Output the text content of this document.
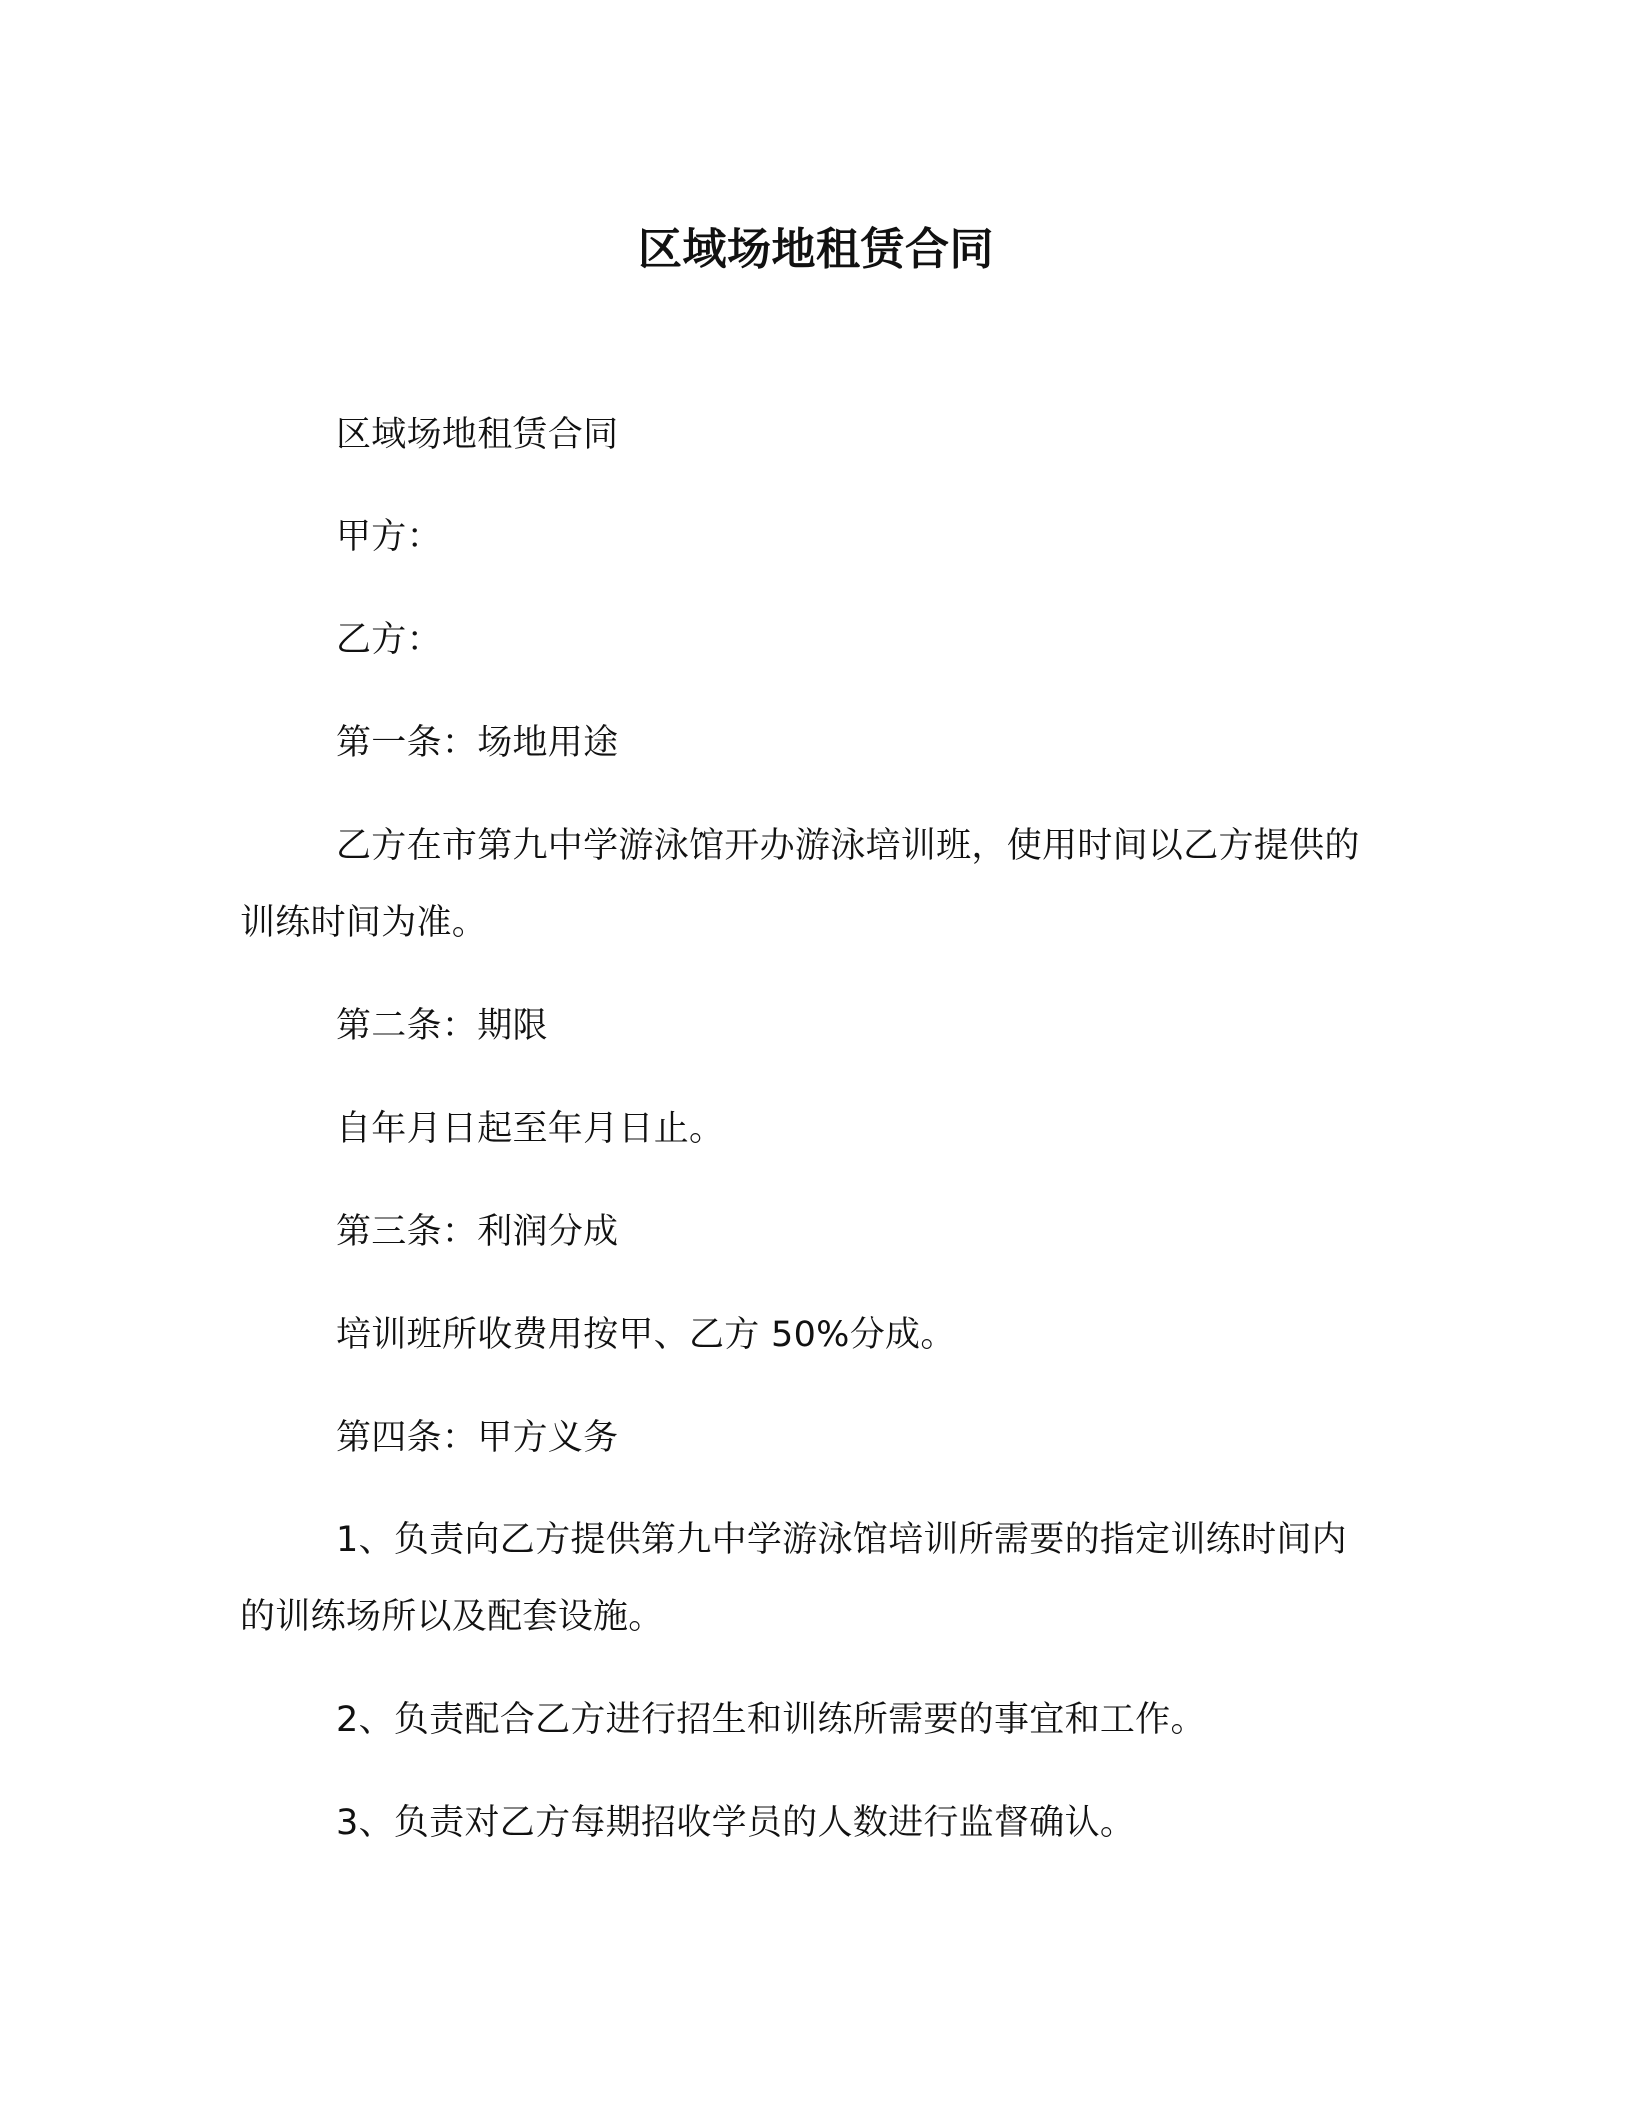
区域场地租赁合同

区域场地租赁合同

甲方：

乙方：

第一条：场地用途

乙方在市第九中学游泳馆开办游泳培训班，使用时间以乙方提供的训练时间为准。

第二条：期限

自年月日起至年月日止。

第三条：利润分成

培训班所收费用按甲、乙方 50%分成。

第四条：甲方义务

1、负责向乙方提供第九中学游泳馆培训所需要的指定训练时间内的训练场所以及配套设施。

2、负责配合乙方进行招生和训练所需要的事宜和工作。

3、负责对乙方每期招收学员的人数进行监督确认。
